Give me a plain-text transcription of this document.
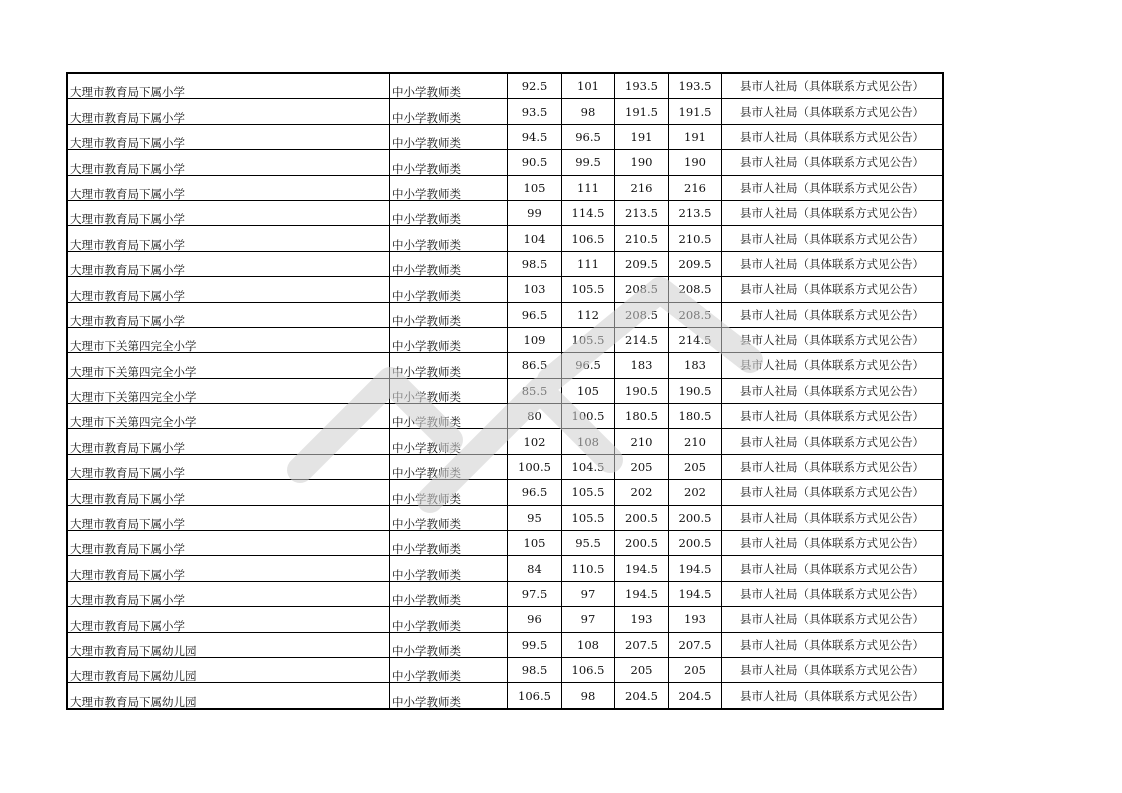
大理市教育局下属小学	中小学教师类	92.5	101	193.5	193.5	县市人社局（具体联系方式见公告）
大理市教育局下属小学	中小学教师类	93.5	98	191.5	191.5	县市人社局（具体联系方式见公告）
大理市教育局下属小学	中小学教师类	94.5	96.5	191	191	县市人社局（具体联系方式见公告）
大理市教育局下属小学	中小学教师类	90.5	99.5	190	190	县市人社局（具体联系方式见公告）
大理市教育局下属小学	中小学教师类	105	111	216	216	县市人社局（具体联系方式见公告）
大理市教育局下属小学	中小学教师类	99	114.5	213.5	213.5	县市人社局（具体联系方式见公告）
大理市教育局下属小学	中小学教师类	104	106.5	210.5	210.5	县市人社局（具体联系方式见公告）
大理市教育局下属小学	中小学教师类	98.5	111	209.5	209.5	县市人社局（具体联系方式见公告）
大理市教育局下属小学	中小学教师类	103	105.5	208.5	208.5	县市人社局（具体联系方式见公告）
大理市教育局下属小学	中小学教师类	96.5	112	208.5	208.5	县市人社局（具体联系方式见公告）
大理市下关第四完全小学	中小学教师类	109	105.5	214.5	214.5	县市人社局（具体联系方式见公告）
大理市下关第四完全小学	中小学教师类	86.5	96.5	183	183	县市人社局（具体联系方式见公告）
大理市下关第四完全小学	中小学教师类	85.5	105	190.5	190.5	县市人社局（具体联系方式见公告）
大理市下关第四完全小学	中小学教师类	80	100.5	180.5	180.5	县市人社局（具体联系方式见公告）
大理市教育局下属小学	中小学教师类	102	108	210	210	县市人社局（具体联系方式见公告）
大理市教育局下属小学	中小学教师类	100.5	104.5	205	205	县市人社局（具体联系方式见公告）
大理市教育局下属小学	中小学教师类	96.5	105.5	202	202	县市人社局（具体联系方式见公告）
大理市教育局下属小学	中小学教师类	95	105.5	200.5	200.5	县市人社局（具体联系方式见公告）
大理市教育局下属小学	中小学教师类	105	95.5	200.5	200.5	县市人社局（具体联系方式见公告）
大理市教育局下属小学	中小学教师类	84	110.5	194.5	194.5	县市人社局（具体联系方式见公告）
大理市教育局下属小学	中小学教师类	97.5	97	194.5	194.5	县市人社局（具体联系方式见公告）
大理市教育局下属小学	中小学教师类	96	97	193	193	县市人社局（具体联系方式见公告）
大理市教育局下属幼儿园	中小学教师类	99.5	108	207.5	207.5	县市人社局（具体联系方式见公告）
大理市教育局下属幼儿园	中小学教师类	98.5	106.5	205	205	县市人社局（具体联系方式见公告）
大理市教育局下属幼儿园	中小学教师类	106.5	98	204.5	204.5	县市人社局（具体联系方式见公告）
